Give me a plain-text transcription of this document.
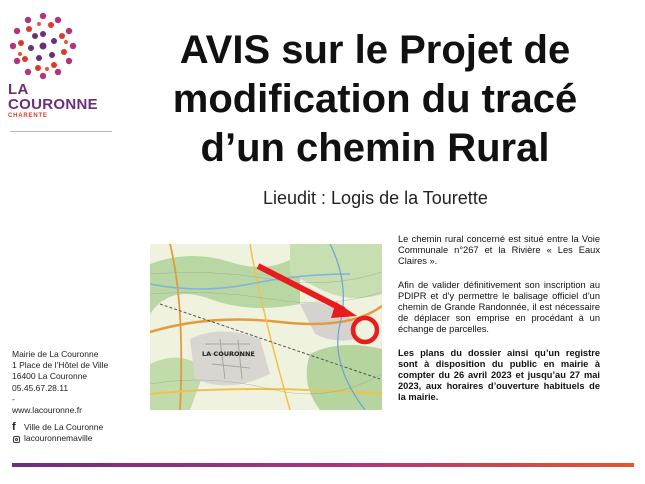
LA
COURONNE
CHARENTE
AVIS sur le Projet de modification du tracé d’un chemin Rural
Lieudit : Logis de la Tourette
LA COURONNE

Le chemin rural concerné est situé entre la Voie Communale n°267 et la Rivière « Les Eaux Claires ».

Afin de valider définitivement son inscription au PDIPR et d’y permettre le balisage officiel d’un chemin de Grande Randonnée, il est nécessaire de déplacer son emprise en procédant à un échange de parcelles.

Les plans du dossier ainsi qu’un registre sont à disposition du public en mairie à compter du 26 avril 2023 et jusqu’au 27 mai 2023, aux horaires d’ouverture habituels de la mairie.

Mairie de La Couronne
1 Place de l’Hôtel de Ville
16400 La Couronne
05.45.67.28.11
-
www.lacouronne.fr
f Ville de La Couronne
lacouronnemaville
